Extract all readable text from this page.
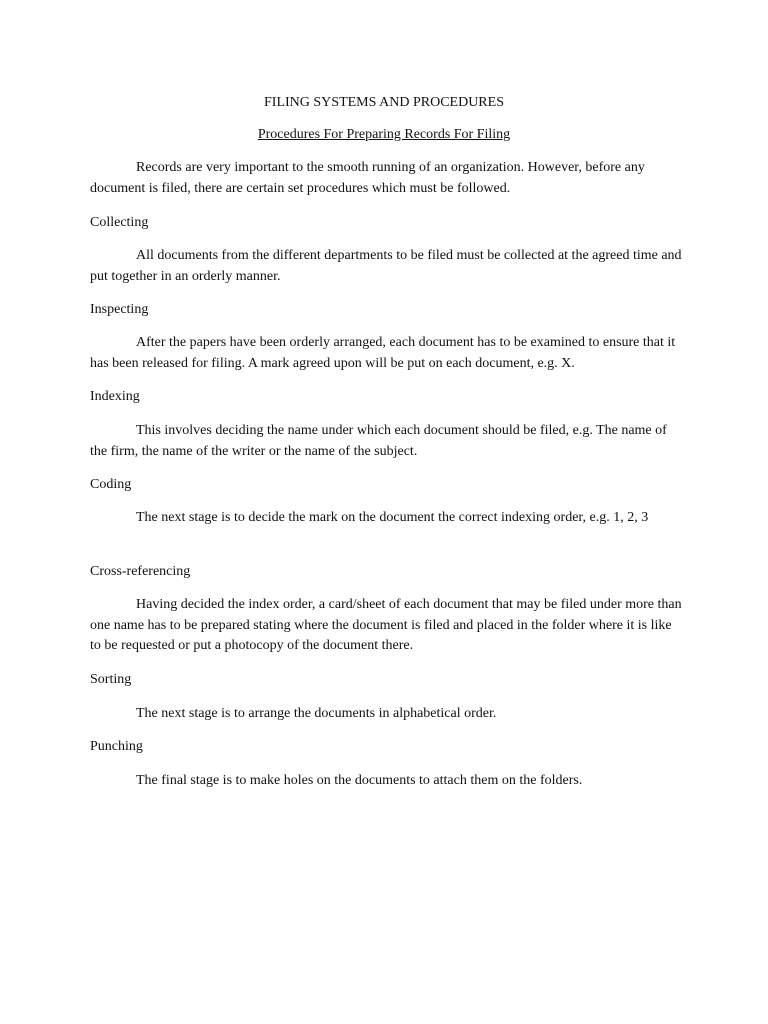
FILING SYSTEMS AND PROCEDURES
Procedures For Preparing Records For Filing

Records are very important to the smooth running of an organization. However, before any document is filed, there are certain set procedures which must be followed.

Collecting

All documents from the different departments to be filed must be collected at the agreed time and put together in an orderly manner.

Inspecting

After the papers have been orderly arranged, each document has to be examined to ensure that it has been released for filing. A mark agreed upon will be put on each document, e.g. X.

Indexing

This involves deciding the name under which each document should be filed, e.g. The name of the firm, the name of the writer or the name of the subject.

Coding

The next stage is to decide the mark on the document the correct indexing order, e.g. 1, 2, 3

Cross-referencing

Having decided the index order, a card/sheet of each document that may be filed under more than one name has to be prepared stating where the document is filed and placed in the folder where it is like to be requested or put a photocopy of the document there.

Sorting

The next stage is to arrange the documents in alphabetical order.

Punching

The final stage is to make holes on the documents to attach them on the folders.
